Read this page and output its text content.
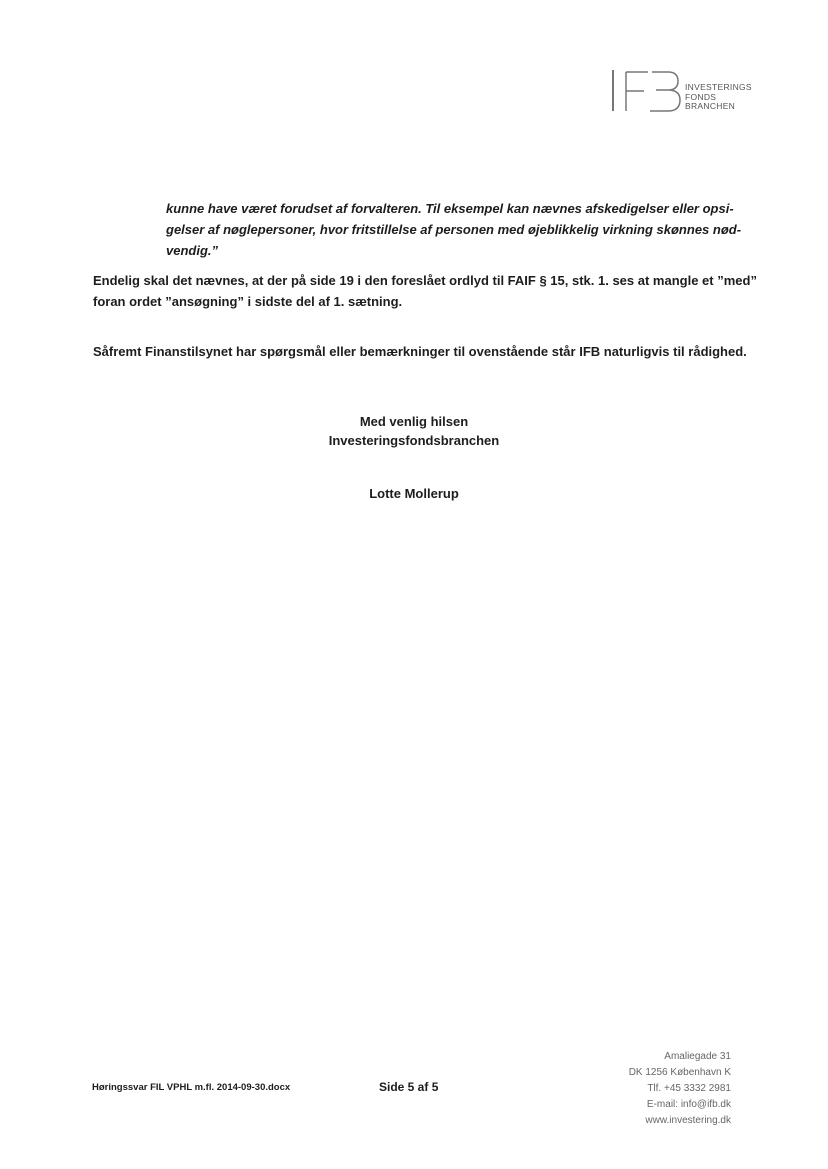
INVESTERINGS
FONDS
BRANCHEN
kunne have været forudset af forvalteren. Til eksempel kan nævnes afskedigelser eller opsi-
gelser af nøglepersoner, hvor fritstillelse af personen med øjeblikkelig virkning skønnes nød-
vendig.”
Endelig skal det nævnes, at der på side 19 i den foreslået ordlyd til FAIF § 15, stk. 1. ses at mangle et ”med”
foran ordet ”ansøgning” i sidste del af 1. sætning.
Såfremt Finanstilsynet har spørgsmål eller bemærkninger til ovenstående står IFB naturligvis til rådighed.
Med venlig hilsen
Investeringsfondsbranchen
Lotte Mollerup
Høringssvar FIL VPHL m.fl. 2014-09-30.docx	Side 5 af 5
Amaliegade 31
DK 1256 København K
Tlf. +45 3332 2981
E-mail: info@ifb.dk
www.investering.dk
